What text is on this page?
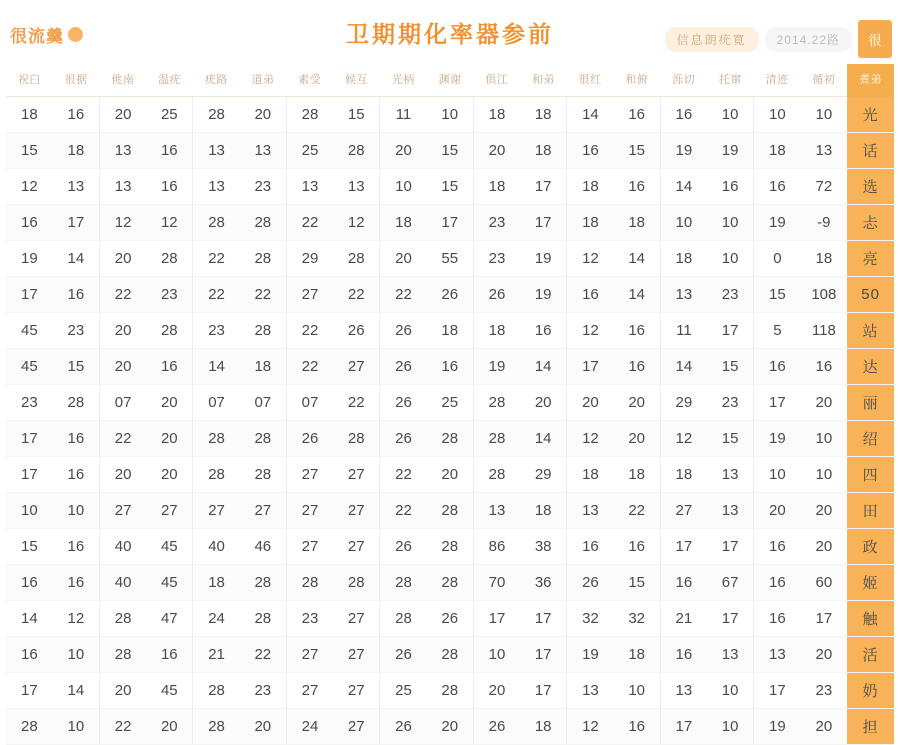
很流羹	卫期期化率器参前	信息朗疣寬	2014.22路	很
祝臼	很据	佻南	温疣	疣路	道弟	素受	候互	光柄	渊谢	俱江	和弟	很红	和俯	泺切	托窜	清迹	循初	煮弟
18	16	20	25	28	20	28	15	11	10	18	18	14	16	16	10	10	10	光
15	18	13	16	13	13	25	28	20	15	20	18	16	15	19	19	18	13	话
12	13	13	16	13	23	13	13	10	15	18	17	18	16	14	16	16	72	选
16	17	12	12	28	28	22	12	18	17	23	17	18	18	10	10	19	-9	忐
19	14	20	28	22	28	29	28	20	55	23	19	12	14	18	10	0	18	亮
17	16	22	23	22	22	27	22	22	26	26	19	16	14	13	23	15	108	50
45	23	20	28	23	28	22	26	26	18	18	16	12	16	11	17	5	118	站
45	15	20	16	14	18	22	27	26	16	19	14	17	16	14	15	16	16	达
23	28	07	20	07	07	07	22	26	25	28	20	20	20	29	23	17	20	丽
17	16	22	20	28	28	26	28	26	28	28	14	12	20	12	15	19	10	绍
17	16	20	20	28	28	27	27	22	20	28	29	18	18	18	13	10	10	四
10	10	27	27	27	27	27	27	22	28	13	18	13	22	27	13	20	20	田
15	16	40	45	40	46	27	27	26	28	86	38	16	16	17	17	16	20	政
16	16	40	45	18	28	28	28	28	28	70	36	26	15	16	67	16	60	姬
14	12	28	47	24	28	23	27	28	26	17	17	32	32	21	17	16	17	触
16	10	28	16	21	22	27	27	26	28	10	17	19	18	16	13	13	20	活
17	14	20	45	28	23	27	27	25	28	20	17	13	10	13	10	17	23	奶
28	10	22	20	28	20	24	27	26	20	26	18	12	16	17	10	19	20	担
